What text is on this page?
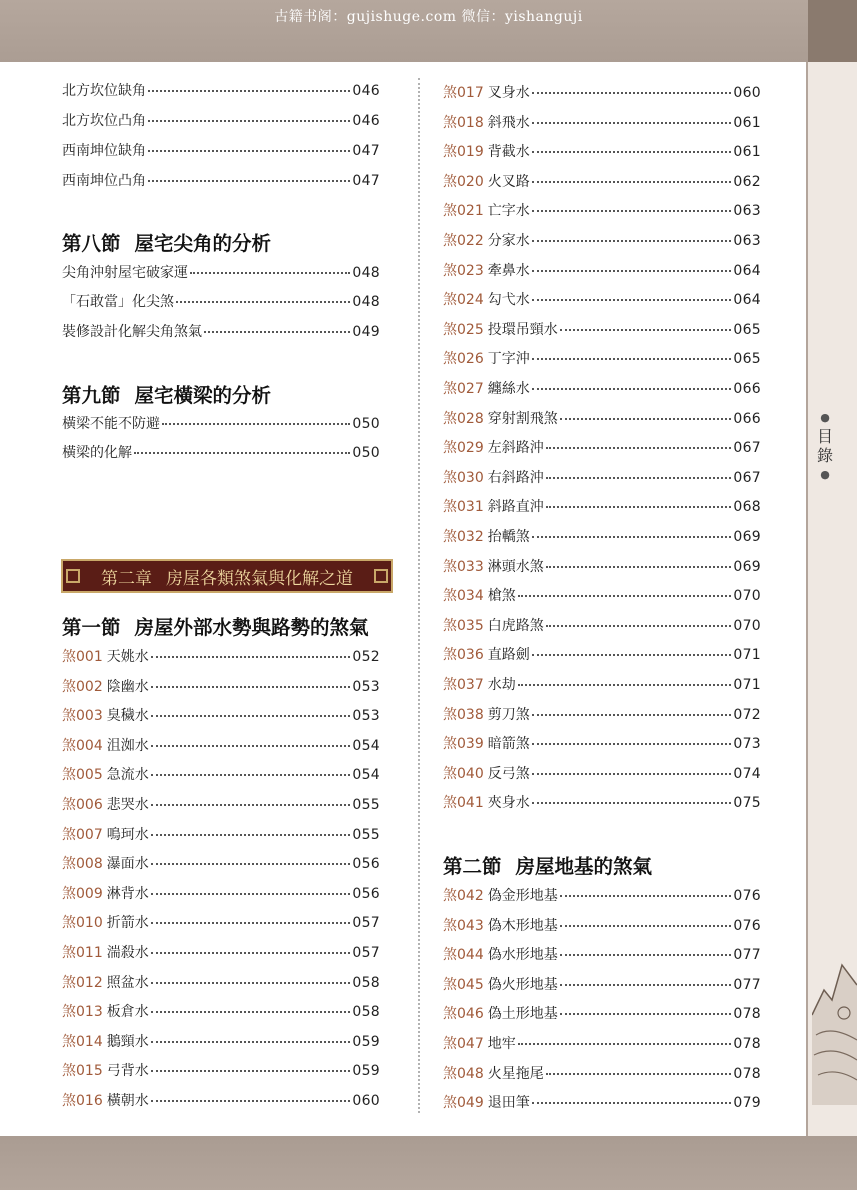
古籍书阁：gujishuge.com 微信：yishanguji
●
目
錄
●
北方坎位缺角	046
北方坎位凸角	046
西南坤位缺角	047
西南坤位凸角	047
第八節 屋宅尖角的分析
尖角沖射屋宅破家運	048
「石敢當」化尖煞	048
裝修設計化解尖角煞氣	049
第九節 屋宅橫梁的分析
橫梁不能不防避	050
橫梁的化解	050
第一節 房屋外部水勢與路勢的煞氣
煞001 天姚水	052
煞002 陰幽水	053
煞003 臭穢水	053
煞004 沮洳水	054
煞005 急流水	054
煞006 悲哭水	055
煞007 鳴珂水	055
煞008 瀑面水	056
煞009 淋背水	056
煞010 折箭水	057
煞011 湍殺水	057
煞012 照盆水	058
煞013 板倉水	058
煞014 鵝頸水	059
煞015 弓背水	059
煞016 橫朝水	060
第二章 房屋各類煞氣與化解之道
煞017 叉身水	060
煞018 斜飛水	061
煞019 背截水	061
煞020 火叉路	062
煞021 亡字水	063
煞022 分家水	063
煞023 牽鼻水	064
煞024 勾弋水	064
煞025 投環吊頸水	065
煞026 丁字沖	065
煞027 纏絲水	066
煞028 穿射割飛煞	066
煞029 左斜路沖	067
煞030 右斜路沖	067
煞031 斜路直沖	068
煞032 抬轎煞	069
煞033 淋頭水煞	069
煞034 槍煞	070
煞035 白虎路煞	070
煞036 直路劍	071
煞037 水劫	071
煞038 剪刀煞	072
煞039 暗箭煞	073
煞040 反弓煞	074
煞041 夾身水	075
第二節 房屋地基的煞氣
煞042 偽金形地基	076
煞043 偽木形地基	076
煞044 偽水形地基	077
煞045 偽火形地基	077
煞046 偽土形地基	078
煞047 地牢	078
煞048 火星拖尾	078
煞049 退田筆	079
